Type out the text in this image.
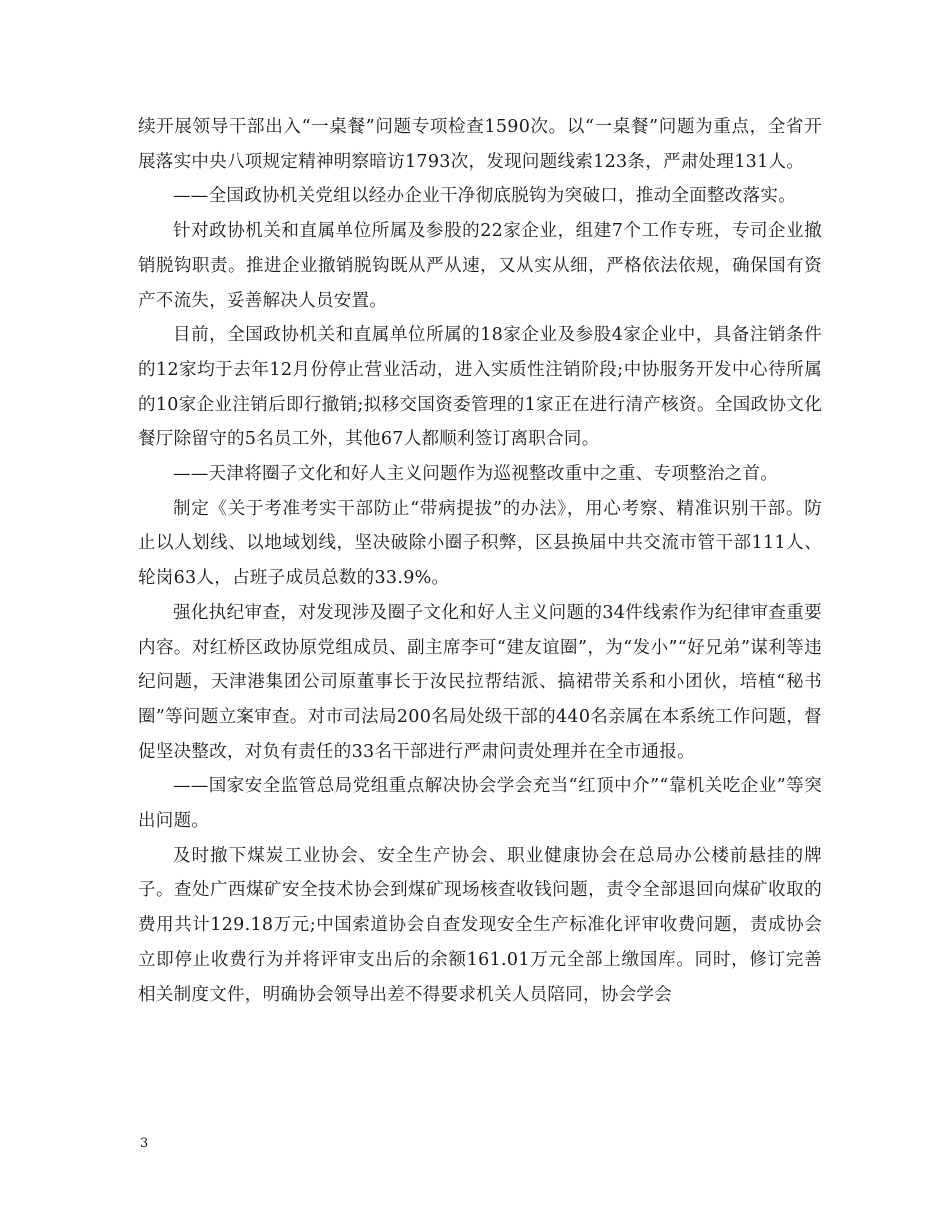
续开展领导干部出入“一桌餐”问题专项检查1590次。以“一桌餐”问题为重点，全省开展落实中央八项规定精神明察暗访1793次，发现问题线索123条，严肃处理131人。

——全国政协机关党组以经办企业干净彻底脱钩为突破口，推动全面整改落实。

针对政协机关和直属单位所属及参股的22家企业，组建7个工作专班，专司企业撤销脱钩职责。推进企业撤销脱钩既从严从速，又从实从细，严格依法依规，确保国有资产不流失，妥善解决人员安置。

目前，全国政协机关和直属单位所属的18家企业及参股4家企业中，具备注销条件的12家均于去年12月份停止营业活动，进入实质性注销阶段;中协服务开发中心待所属的10家企业注销后即行撤销;拟移交国资委管理的1家正在进行清产核资。全国政协文化餐厅除留守的5名员工外，其他67人都顺利签订离职合同。

——天津将圈子文化和好人主义问题作为巡视整改重中之重、专项整治之首。

制定《关于考准考实干部防止“带病提拔”的办法》，用心考察、精准识别干部。防止以人划线、以地域划线，坚决破除小圈子积弊，区县换届中共交流市管干部111人、轮岗63人，占班子成员总数的33.9%。

强化执纪审查，对发现涉及圈子文化和好人主义问题的34件线索作为纪律审查重要内容。对红桥区政协原党组成员、副主席李可“建友谊圈”，为“发小”“好兄弟”谋利等违纪问题，天津港集团公司原董事长于汝民拉帮结派、搞裙带关系和小团伙，培植“秘书圈”等问题立案审查。对市司法局200名局处级干部的440名亲属在本系统工作问题，督促坚决整改，对负有责任的33名干部进行严肃问责处理并在全市通报。

——国家安全监管总局党组重点解决协会学会充当“红顶中介”“靠机关吃企业”等突出问题。

及时撤下煤炭工业协会、安全生产协会、职业健康协会在总局办公楼前悬挂的牌子。查处广西煤矿安全技术协会到煤矿现场核查收钱问题，责令全部退回向煤矿收取的费用共计129.18万元;中国索道协会自查发现安全生产标准化评审收费问题，责成协会立即停止收费行为并将评审支出后的余额161.01万元全部上缴国库。同时，修订完善相关制度文件，明确协会领导出差不得要求机关人员陪同，协会学会

3
